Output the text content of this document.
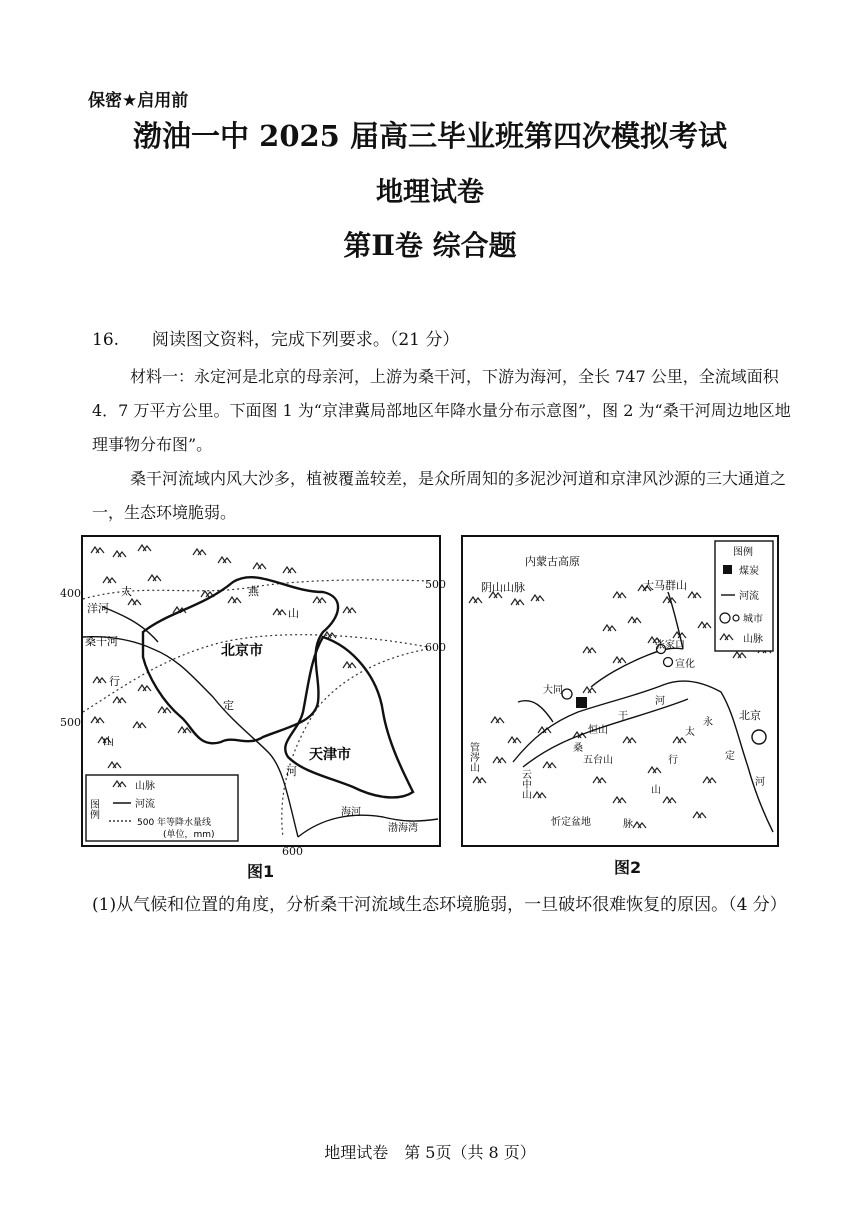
保密★启用前
渤油一中 2025 届高三毕业班第四次模拟考试
地理试卷
第Ⅱ卷 综合题
16. 阅读图文资料，完成下列要求。（21 分）
材料一：永定河是北京的母亲河，上游为桑干河，下游为海河，全长 747 公里，全流域面积 4．7 万平方公里。下面图 1 为“京津冀局部地区年降水量分布示意图”，图 2 为“桑干河周边地区地理事物分布图”。
桑干河流域内风大沙多，植被覆盖较差，是众所周知的多泥沙河道和京津风沙源的三大通道之一，生态环境脆弱。
北京市
天津市
桑干河
洋河
燕
山
太
行
山
定
河
海河
渤海湾
图例
山脉
河流
500 年等降水量线
(单位，mm)
400
500
500
600
600
图1
内蒙古高原
阴山山脉	大马群山
张家口
宣化
大同
北京
恒山
五台山
管涔山
云中山
忻定盆地
桑
干
河
永
定
河
太
行
山
脉
图例
煤炭
河流
城市
山脉
图2
(1)从气候和位置的角度，分析桑干河流域生态环境脆弱，一旦破坏很难恢复的原因。（4 分）
地理试卷　第 5页（共 8 页）
